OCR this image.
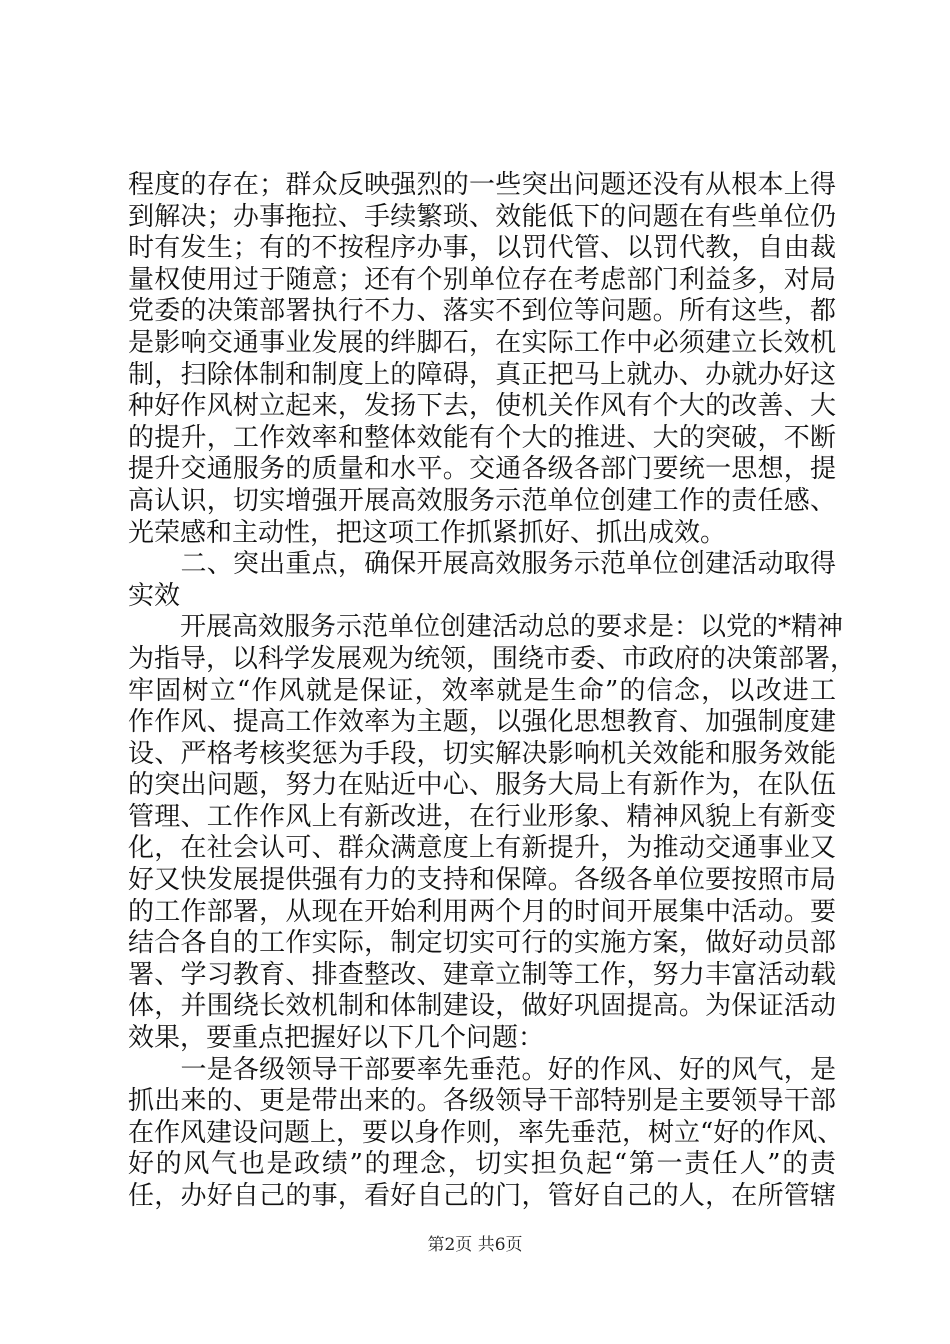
程度的存在；群众反映强烈的一些突出问题还没有从根本上得
到解决；办事拖拉、手续繁琐、效能低下的问题在有些单位仍
时有发生；有的不按程序办事，以罚代管、以罚代教，自由裁
量权使用过于随意；还有个别单位存在考虑部门利益多，对局
党委的决策部署执行不力、落实不到位等问题。所有这些，都
是影响交通事业发展的绊脚石，在实际工作中必须建立长效机
制，扫除体制和制度上的障碍，真正把马上就办、办就办好这
种好作风树立起来，发扬下去，使机关作风有个大的改善、大
的提升，工作效率和整体效能有个大的推进、大的突破，不断
提升交通服务的质量和水平。交通各级各部门要统一思想，提
高认识，切实增强开展高效服务示范单位创建工作的责任感、
光荣感和主动性，把这项工作抓紧抓好、抓出成效。
　　二、突出重点，确保开展高效服务示范单位创建活动取得
实效
　　开展高效服务示范单位创建活动总的要求是：以党的*精神
为指导，以科学发展观为统领，围绕市委、市政府的决策部署，
牢固树立“作风就是保证，效率就是生命”的信念，以改进工
作作风、提高工作效率为主题，以强化思想教育、加强制度建
设、严格考核奖惩为手段，切实解决影响机关效能和服务效能
的突出问题，努力在贴近中心、服务大局上有新作为，在队伍
管理、工作作风上有新改进，在行业形象、精神风貌上有新变
化，在社会认可、群众满意度上有新提升，为推动交通事业又
好又快发展提供强有力的支持和保障。各级各单位要按照市局
的工作部署，从现在开始利用两个月的时间开展集中活动。要
结合各自的工作实际，制定切实可行的实施方案，做好动员部
署、学习教育、排查整改、建章立制等工作，努力丰富活动载
体，并围绕长效机制和体制建设，做好巩固提高。为保证活动
效果，要重点把握好以下几个问题：
　　一是各级领导干部要率先垂范。好的作风、好的风气，是
抓出来的、更是带出来的。各级领导干部特别是主要领导干部
在作风建设问题上，要以身作则，率先垂范，树立“好的作风、
好的风气也是政绩”的理念，切实担负起“第一责任人”的责
任，办好自己的事，看好自己的门，管好自己的人，在所管辖
第2页 共6页
